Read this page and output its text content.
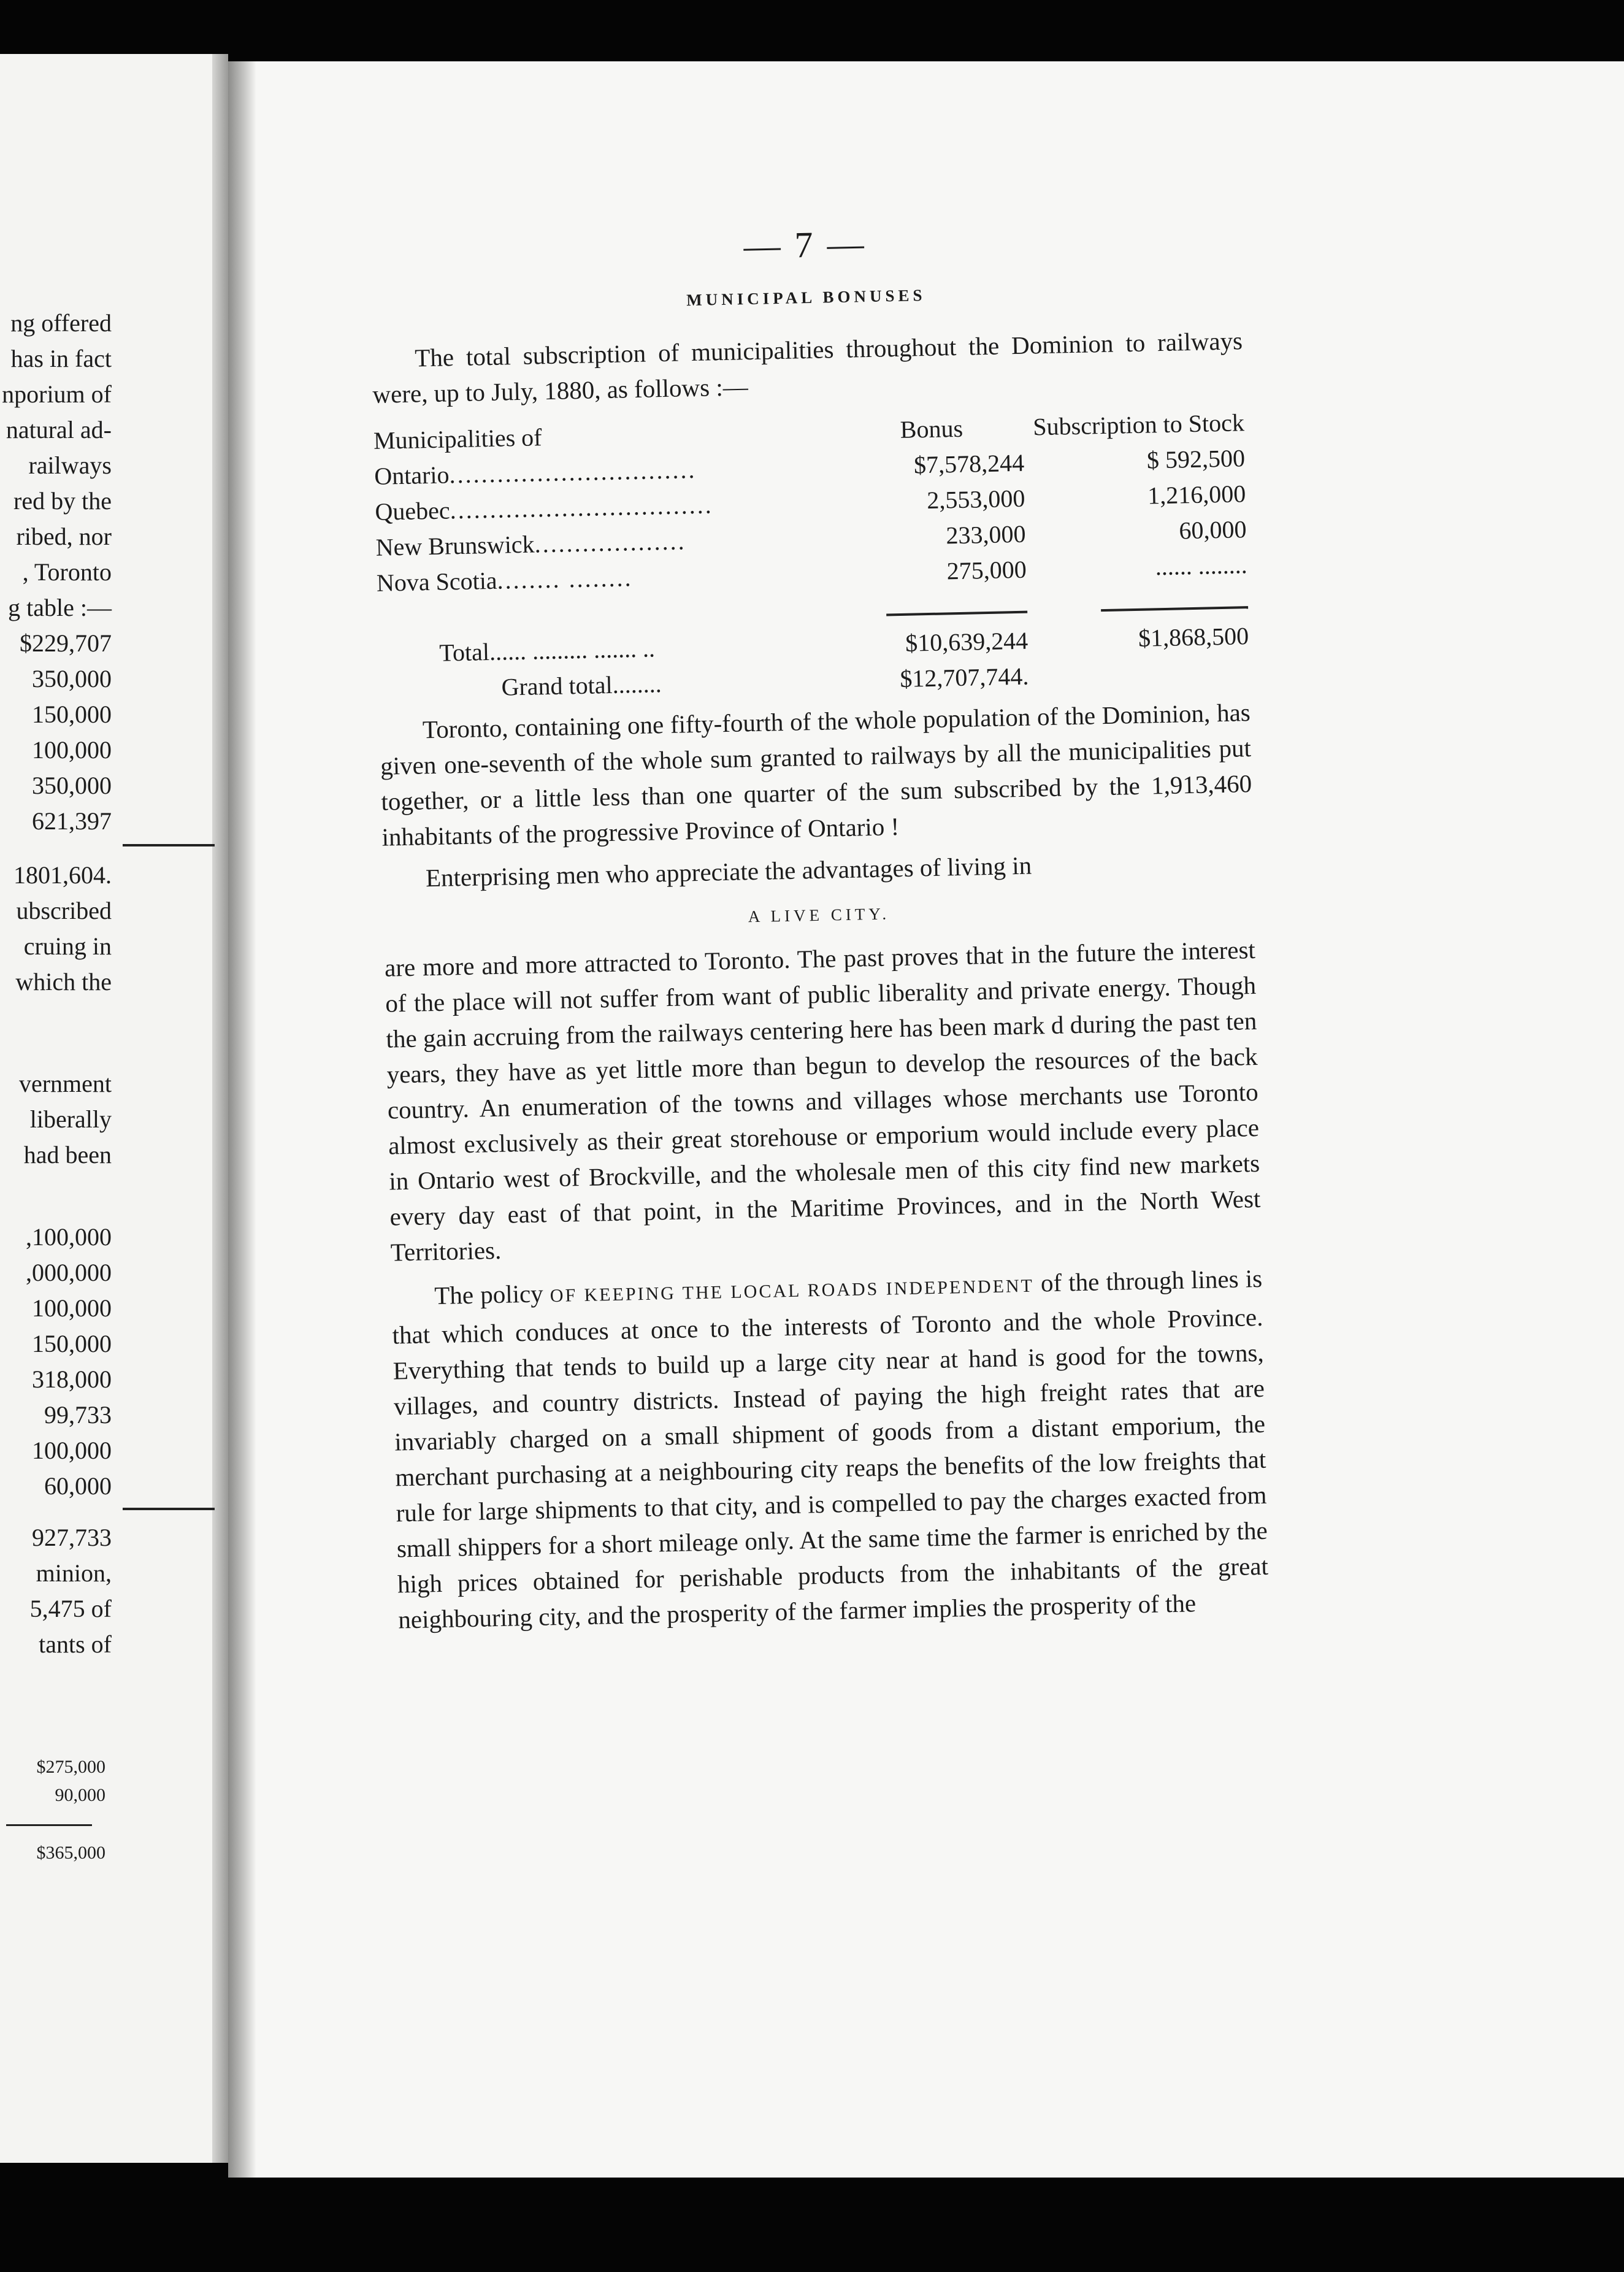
ng offered
has in fact
nporium of
natural ad-
railways
red by the
ribed, nor
, Toronto
g table :—
$229,707
350,000
150,000
100,000
350,000
621,397
1801,604.
ubscribed
cruing in
which the
vernment
liberally
had been
,100,000
,000,000
100,000
150,000
318,000
99,733
100,000
60,000
927,733
minion,
5,475 of
tants of
$275,000
90,000
$365,000
— 7 —
MUNICIPAL BONUSES

The total subscription of municipalities throughout the Dominion to railways were, up to July, 1880, as follows :—

Municipalities of	Bonus	Subscription to Stock
Ontario...............................	$7,578,244	$ 592,500
Quebec.................................	2,553,000	1,216,000
New Brunswick...................	233,000	60,000
Nova Scotia........ ........	275,000	...... ........

Total...... ......... ....... ..	$10,639,244	$1,868,500
Grand total........	$12,707,744.	

Toronto, containing one fifty-fourth of the whole population of the Dominion, has given one-seventh of the whole sum granted to railways by all the municipalities put together, or a little less than one quarter of the sum subscribed by the 1,913,460 inhabitants of the progressive Province of Ontario !

Enterprising men who appreciate the advantages of living in

A LIVE CITY.

are more and more attracted to Toronto. The past proves that in the future the interest of the place will not suffer from want of public liberality and private energy. Though the gain accruing from the railways centering here has been mark d during the past ten years, they have as yet little more than begun to develop the resources of the back country. An enumeration of the towns and villages whose merchants use Toronto almost exclusively as their great storehouse or emporium would include every place in Ontario west of Brockville, and the wholesale men of this city find new markets every day east of that point, in the Maritime Provinces, and in the North West Territories.

The policy OF KEEPING THE LOCAL ROADS INDEPENDENT of the through lines is that which conduces at once to the interests of Toronto and the whole Province. Everything that tends to build up a large city near at hand is good for the towns, villages, and country districts. Instead of paying the high freight rates that are invariably charged on a small shipment of goods from a distant emporium, the merchant purchasing at a neighbouring city reaps the benefits of the low freights that rule for large shipments to that city, and is compelled to pay the charges exacted from small shippers for a short mileage only. At the same time the farmer is enriched by the high prices obtained for perishable products from the inhabitants of the great neighbouring city, and the prosperity of the farmer implies the prosperity of the
